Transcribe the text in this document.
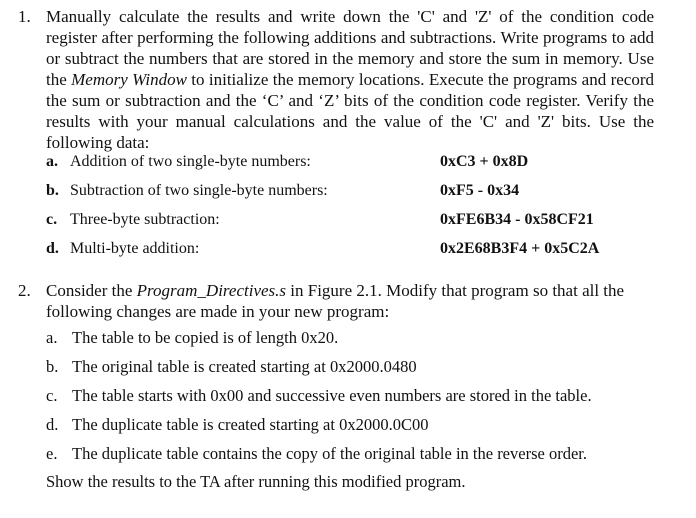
1. Manually calculate the results and write down the 'C' and 'Z' of the condition code register after performing the following additions and subtractions. Write programs to add or subtract the numbers that are stored in the memory and store the sum in memory. Use the Memory Window to initialize the memory locations. Execute the programs and record the sum or subtraction and the ‘C’ and ‘Z’ bits of the condition code register. Verify the results with your manual calculations and the value of the 'C' and 'Z' bits. Use the following data:
a. Addition of two single-byte numbers:	0xC3 + 0x8D
b. Subtraction of two single-byte numbers:	0xF5 - 0x34
c. Three-byte subtraction:	0xFE6B34 - 0x58CF21
d. Multi-byte addition:	0x2E68B3F4 + 0x5C2A
2. Consider the Program_Directives.s in Figure 2.1. Modify that program so that all the following changes are made in your new program:
a. The table to be copied is of length 0x20.
b. The original table is created starting at 0x2000.0480
c. The table starts with 0x00 and successive even numbers are stored in the table.
d. The duplicate table is created starting at 0x2000.0C00
e. The duplicate table contains the copy of the original table in the reverse order.
Show the results to the TA after running this modified program.
